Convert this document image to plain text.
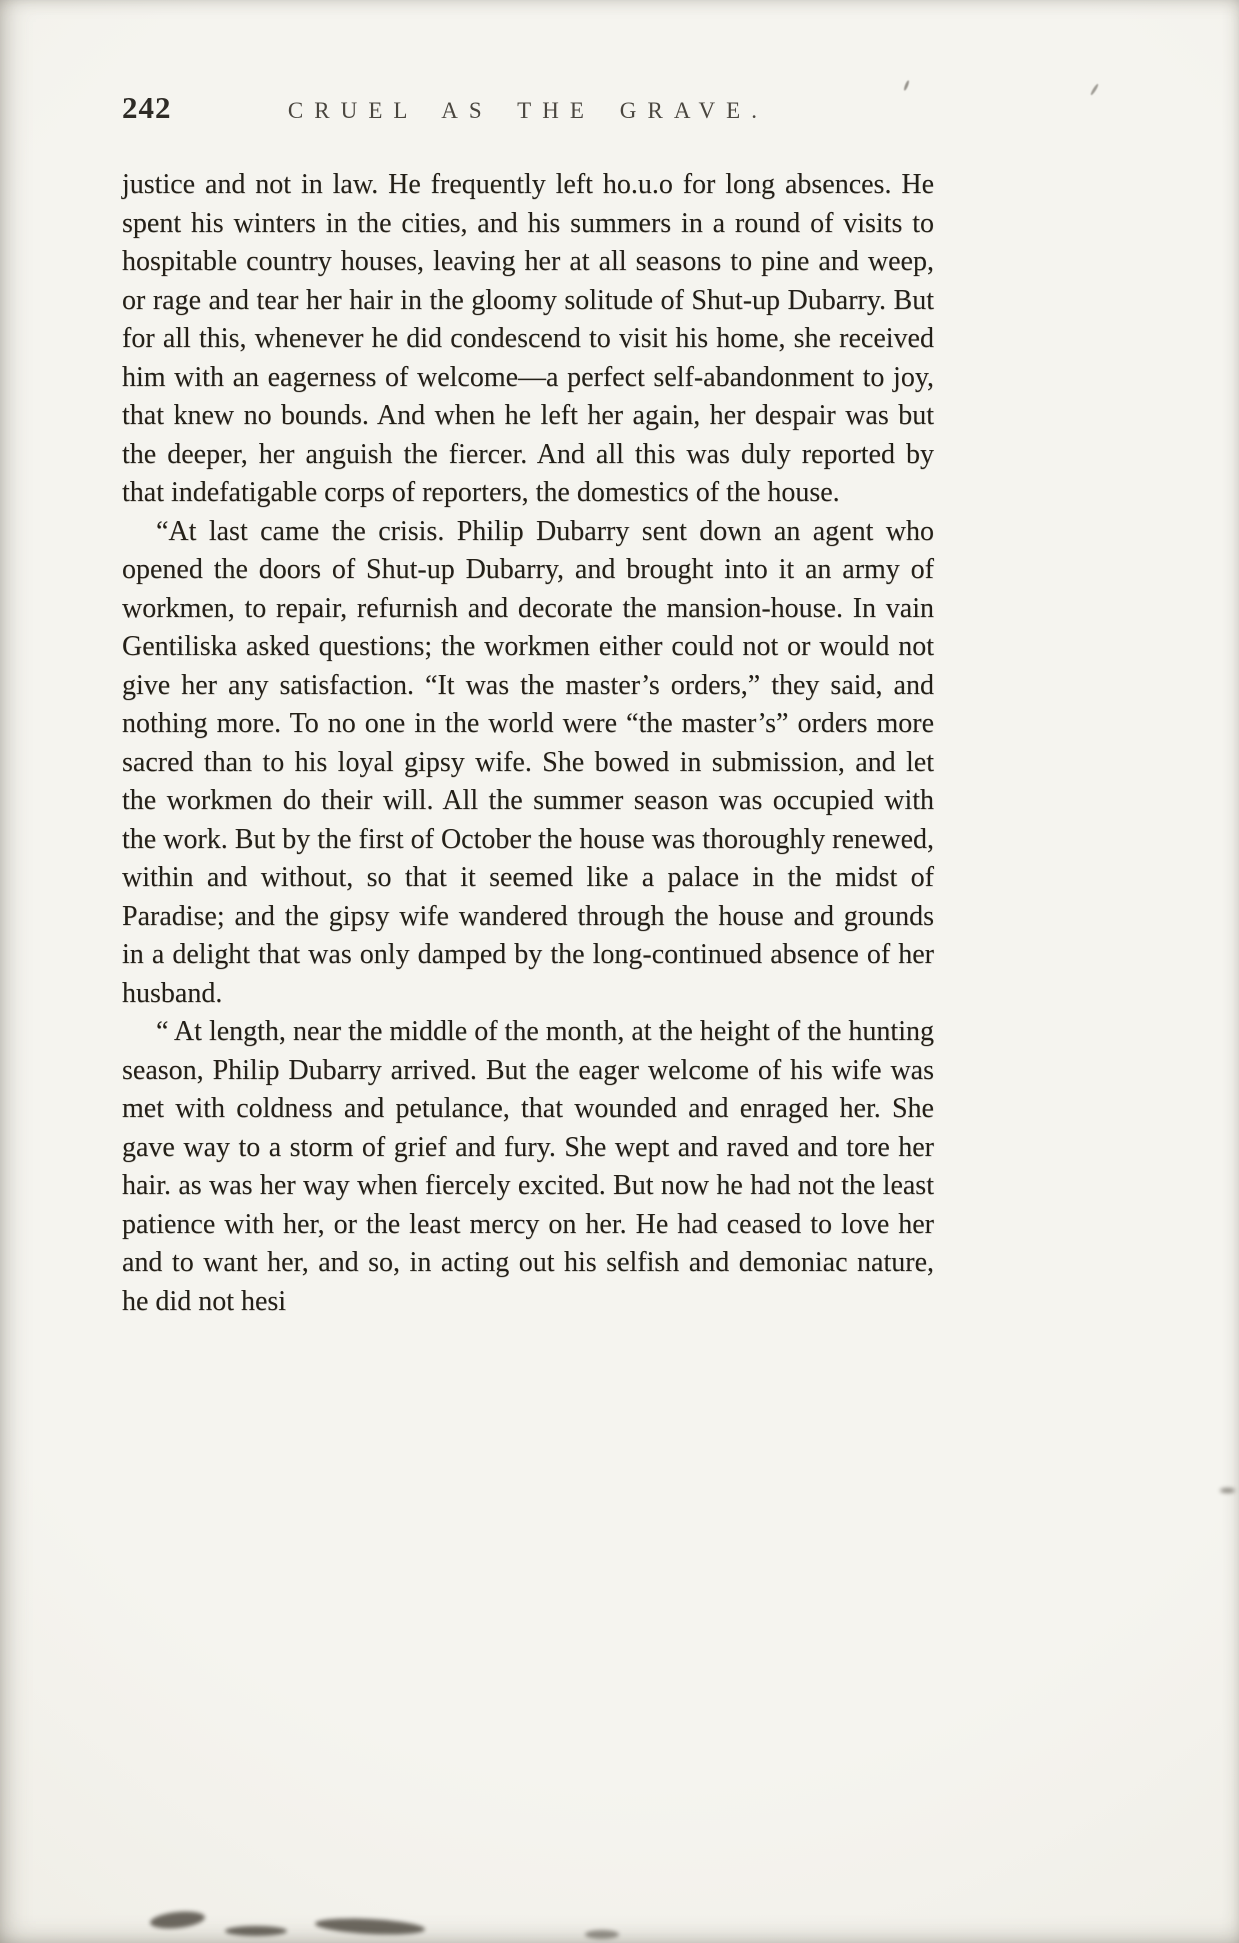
242	CRUEL AS THE GRAVE.

justice and not in law. He frequently left ho.u.o for long absences. He spent his winters in the cities, and his summers in a round of visits to hospitable country houses, leaving her at all seasons to pine and weep, or rage and tear her hair in the gloomy solitude of Shut-up Dubarry. But for all this, whenever he did condescend to visit his home, she received him with an eagerness of welcome—a perfect self-abandonment to joy, that knew no bounds. And when he left her again, her despair was but the deeper, her anguish the fiercer. And all this was duly reported by that indefatigable corps of reporters, the domestics of the house.

“At last came the crisis. Philip Dubarry sent down an agent who opened the doors of Shut-up Dubarry, and brought into it an army of workmen, to repair, refurnish and decorate the mansion-house. In vain Gentiliska asked questions; the workmen either could not or would not give her any satisfaction. “It was the master’s orders,” they said, and nothing more. To no one in the world were “the master’s” orders more sacred than to his loyal gipsy wife. She bowed in submission, and let the workmen do their will. All the summer season was occupied with the work. But by the first of October the house was thoroughly renewed, within and without, so that it seemed like a palace in the midst of Paradise; and the gipsy wife wandered through the house and grounds in a delight that was only damped by the long-continued absence of her husband.

“ At length, near the middle of the month, at the height of the hunting season, Philip Dubarry arrived. But the eager welcome of his wife was met with coldness and petulance, that wounded and enraged her. She gave way to a storm of grief and fury. She wept and raved and tore her hair. as was her way when fiercely excited. But now he had not the least patience with her, or the least mercy on her. He had ceased to love her and to want her, and so, in acting out his selfish and demoniac nature, he did not hesi
